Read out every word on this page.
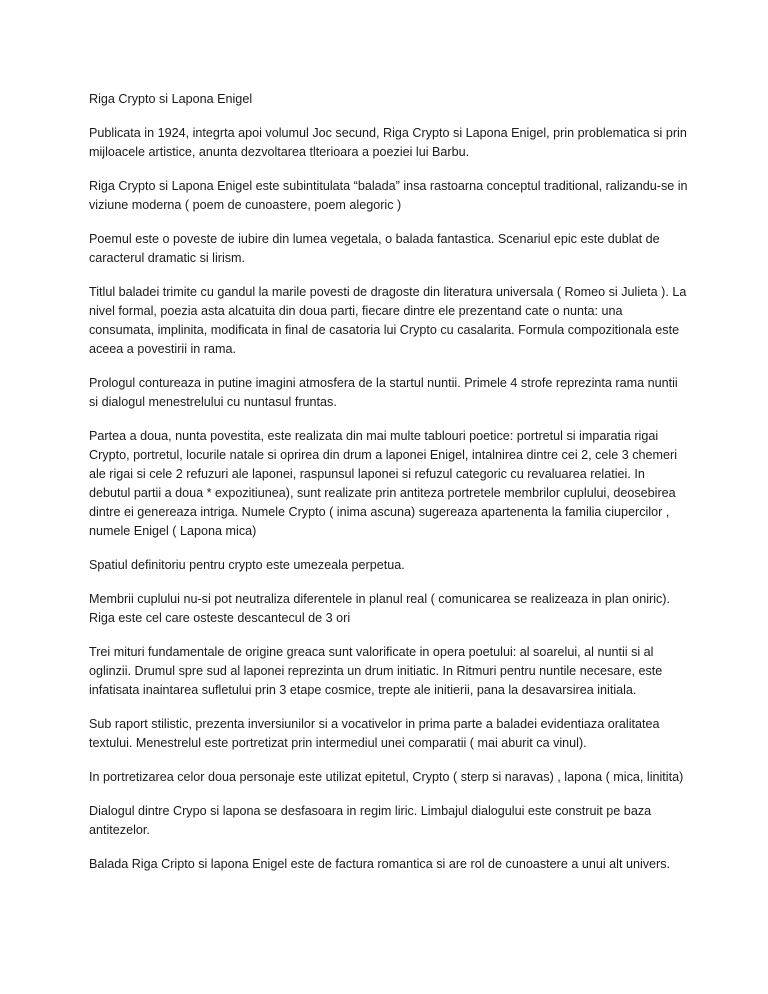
Riga Crypto si Lapona Enigel

Publicata in 1924, integrta apoi volumul Joc secund, Riga Crypto si Lapona Enigel, prin problematica si prin mijloacele artistice, anunta dezvoltarea tlterioara a poeziei lui Barbu.

Riga Crypto si Lapona Enigel este subintitulata “balada” insa rastoarna conceptul traditional, ralizandu-se in viziune moderna ( poem de cunoastere, poem alegoric )

Poemul este o poveste de iubire din lumea vegetala, o balada fantastica. Scenariul epic este dublat de caracterul dramatic si lirism.

Titlul baladei trimite cu gandul la marile povesti de dragoste din literatura universala ( Romeo si Julieta ). La nivel formal, poezia asta alcatuita din doua parti, fiecare dintre ele prezentand cate o nunta: una consumata, implinita, modificata in final de casatoria lui Crypto cu casalarita. Formula compozitionala este aceea a povestirii in rama.

Prologul contureaza in putine imagini atmosfera de la startul nuntii. Primele 4 strofe reprezinta rama nuntii si dialogul menestrelului cu nuntasul fruntas.

Partea a doua, nunta povestita, este realizata din mai multe tablouri poetice: portretul si imparatia rigai Crypto, portretul, locurile natale si oprirea din drum a laponei Enigel, intalnirea dintre cei 2, cele 3 chemeri ale rigai si cele 2 refuzuri ale laponei, raspunsul laponei si refuzul categoric cu revaluarea relatiei. In debutul partii a doua * expozitiunea), sunt realizate prin antiteza portretele membrilor cuplului, deosebirea dintre ei genereaza intriga. Numele Crypto ( inima ascuna) sugereaza apartenenta la familia ciupercilor , numele Enigel ( Lapona mica)

Spatiul definitoriu pentru crypto este umezeala perpetua.

Membrii cuplului nu-si pot neutraliza diferentele in planul real ( comunicarea se realizeaza in plan oniric). Riga este cel care osteste descantecul de 3 ori

Trei mituri fundamentale de origine greaca sunt valorificate in opera poetului: al soarelui, al nuntii si al oglinzii. Drumul spre sud al laponei reprezinta un drum initiatic. In Ritmuri pentru nuntile necesare, este infatisata inaintarea sufletului prin 3 etape cosmice, trepte ale initierii, pana la desavarsirea initiala.

Sub raport stilistic, prezenta inversiunilor si a vocativelor in prima parte a baladei evidentiaza oralitatea textului. Menestrelul este portretizat prin intermediul unei comparatii ( mai aburit ca vinul).

In portretizarea celor doua personaje este utilizat epitetul, Crypto ( sterp si naravas) , lapona ( mica, linitita)

Dialogul dintre Crypo si lapona se desfasoara in regim liric. Limbajul dialogului este construit pe baza antitezelor.

Balada Riga Cripto si lapona Enigel este de factura romantica si are rol de cunoastere a unui alt univers.
